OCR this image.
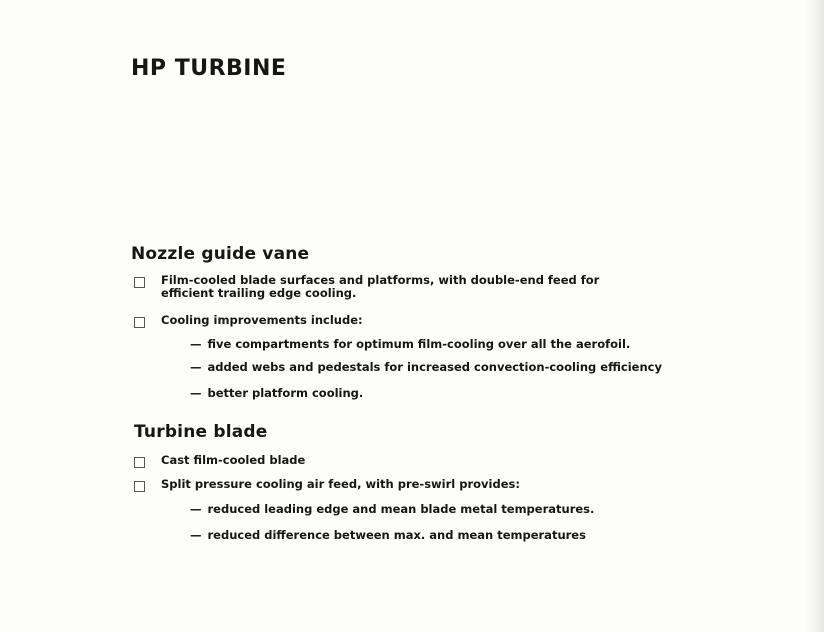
HP TURBINE
Nozzle guide vane
Film-cooled blade surfaces and platforms, with double-end feed for efficient trailing edge cooling.
Cooling improvements include:
— five compartments for optimum film-cooling over all the aerofoil.
— added webs and pedestals for increased convection-cooling efficiency
— better platform cooling.
Turbine blade
Cast film-cooled blade
Split pressure cooling air feed, with pre-swirl provides:
— reduced leading edge and mean blade metal temperatures.
— reduced difference between max. and mean temperatures
